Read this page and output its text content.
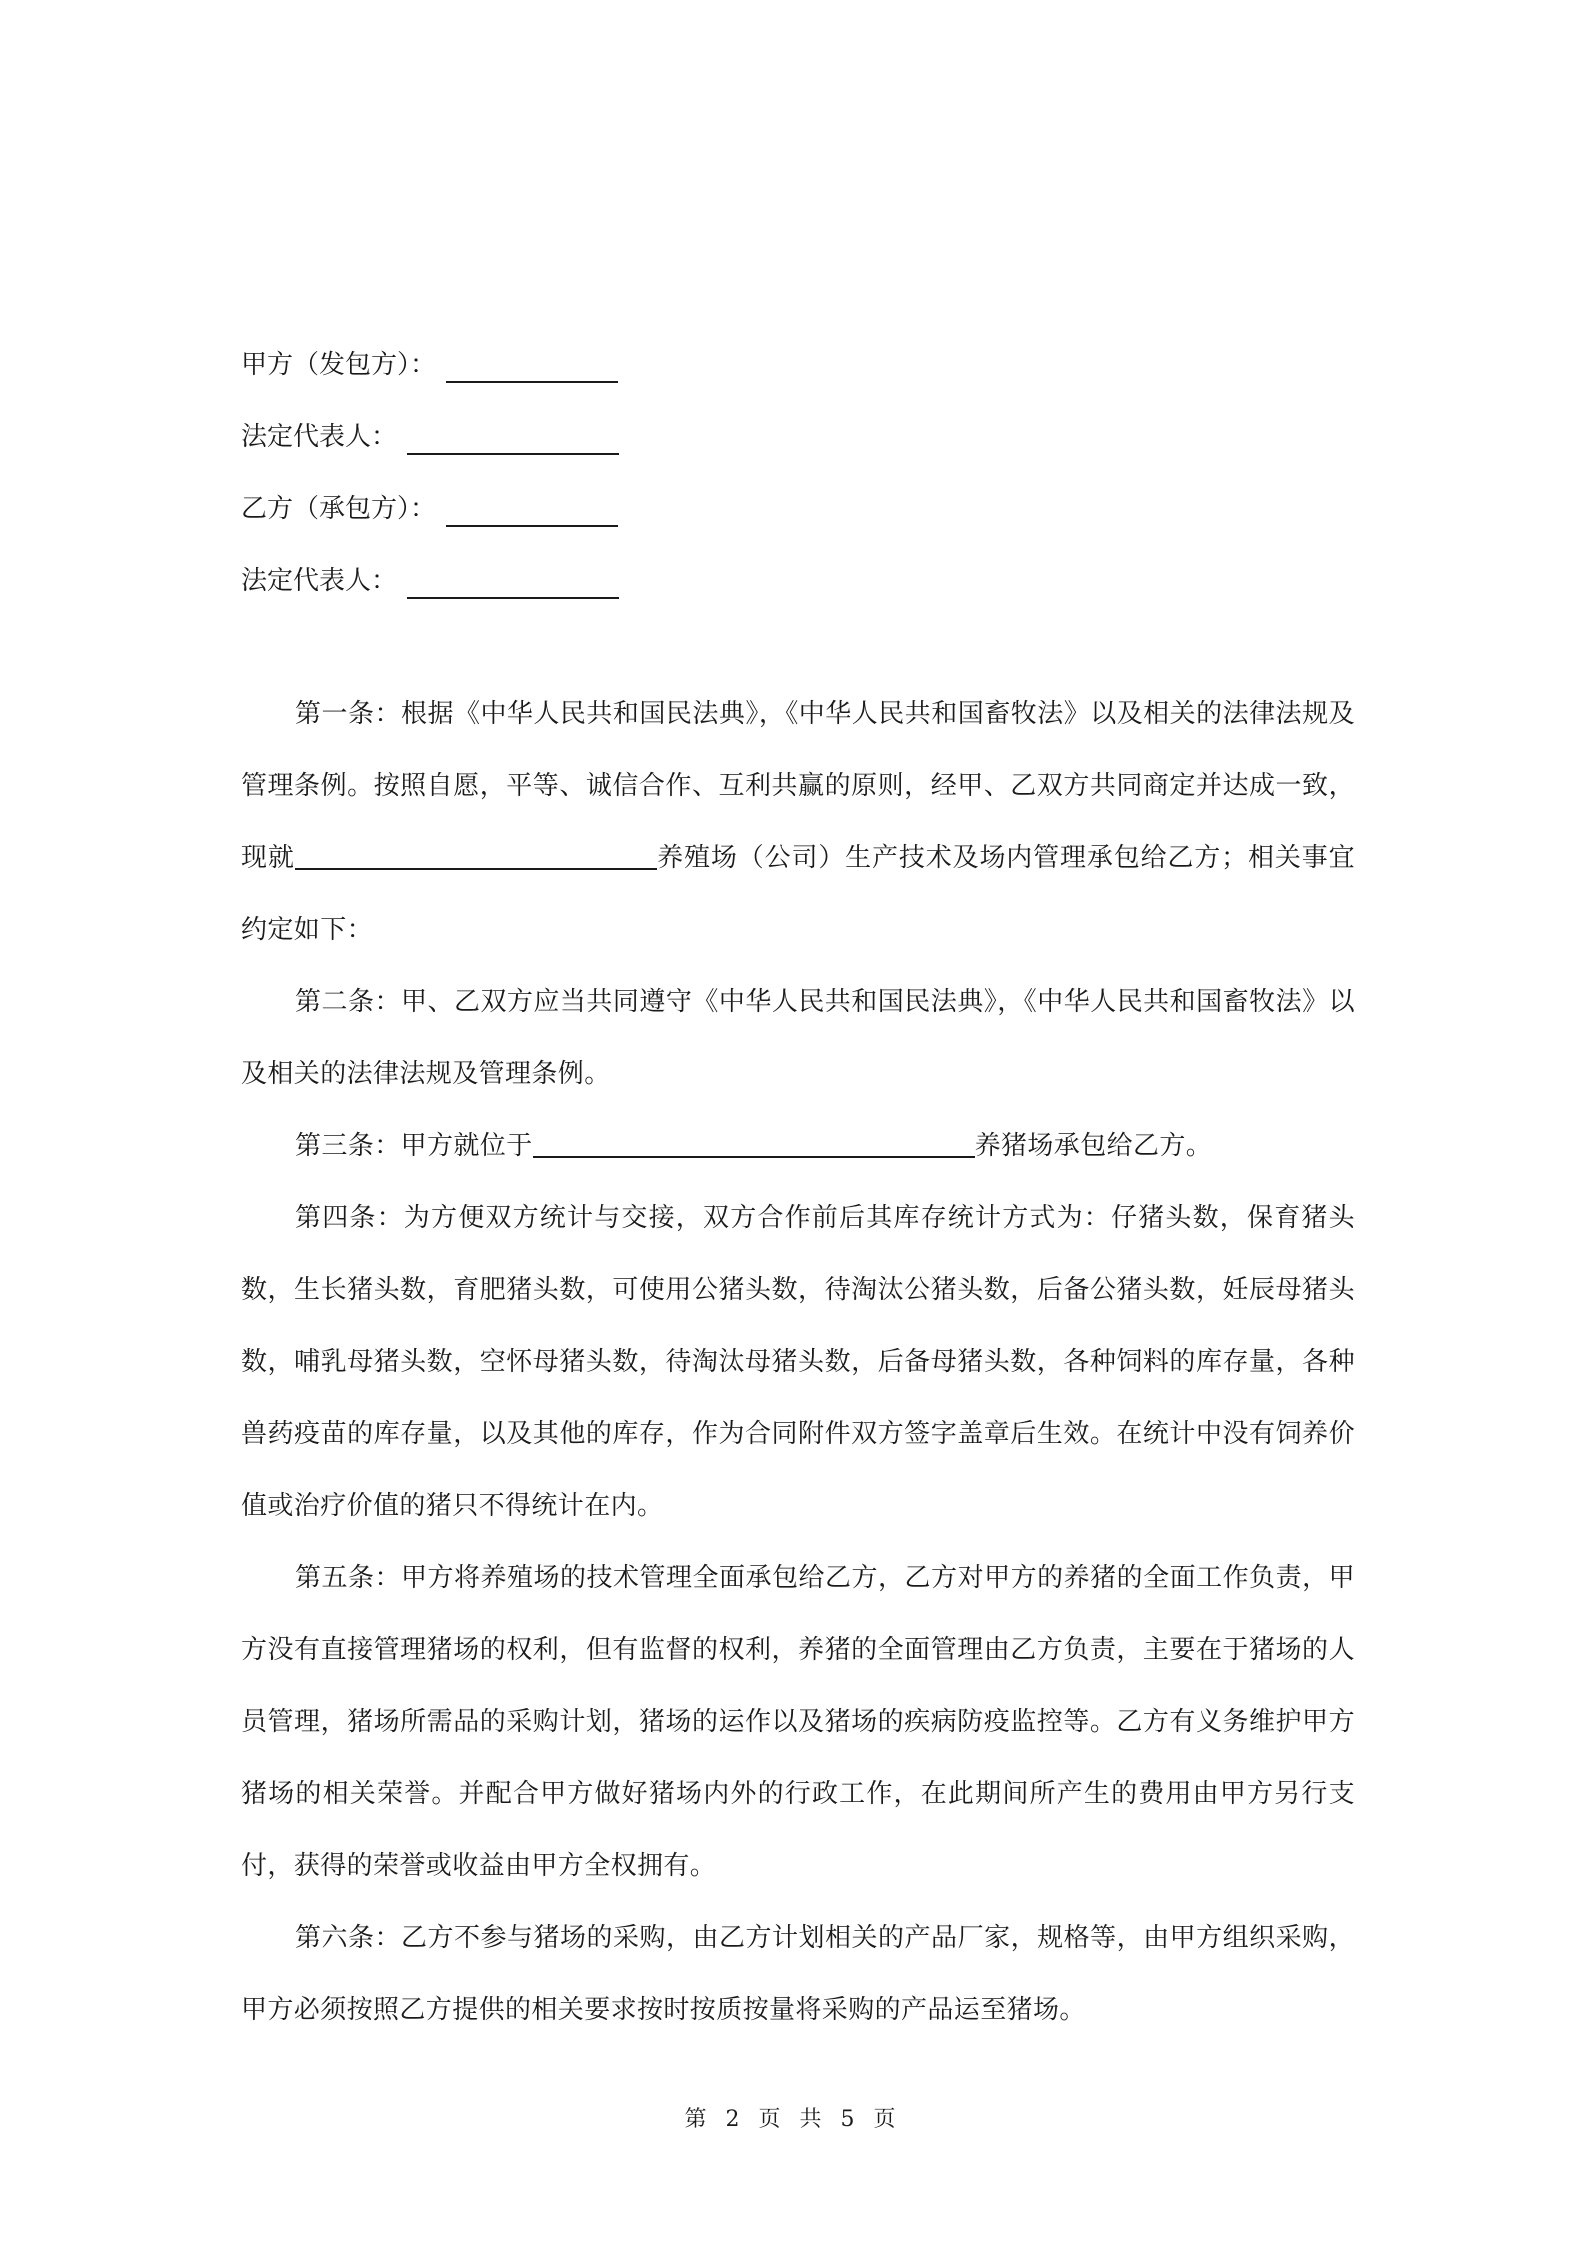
甲方（发包方）：
法定代表人：
乙方（承包方）：
法定代表人：

第一条：根据《中华人民共和国民法典》，《中华人民共和国畜牧法》以及相关的法律法规及管理条例。按照自愿，平等、诚信合作、互利共赢的原则，经甲、乙双方共同商定并达成一致，现就	养殖场（公司）生产技术及场内管理承包给乙方；相关事宜约定如下：

第二条：甲、乙双方应当共同遵守《中华人民共和国民法典》，《中华人民共和国畜牧法》以及相关的法律法规及管理条例。

第三条：甲方就位于	养猪场承包给乙方。

第四条：为方便双方统计与交接，双方合作前后其库存统计方式为：仔猪头数，保育猪头数，生长猪头数，育肥猪头数，可使用公猪头数，待淘汰公猪头数，后备公猪头数，妊辰母猪头数，哺乳母猪头数，空怀母猪头数，待淘汰母猪头数，后备母猪头数，各种饲料的库存量，各种兽药疫苗的库存量，以及其他的库存，作为合同附件双方签字盖章后生效。在统计中没有饲养价值或治疗价值的猪只不得统计在内。

第五条：甲方将养殖场的技术管理全面承包给乙方，乙方对甲方的养猪的全面工作负责，甲方没有直接管理猪场的权利，但有监督的权利，养猪的全面管理由乙方负责，主要在于猪场的人员管理，猪场所需品的采购计划，猪场的运作以及猪场的疾病防疫监控等。乙方有义务维护甲方猪场的相关荣誉。并配合甲方做好猪场内外的行政工作，在此期间所产生的费用由甲方另行支付，获得的荣誉或收益由甲方全权拥有。

第六条：乙方不参与猪场的采购，由乙方计划相关的产品厂家，规格等，由甲方组织采购，甲方必须按照乙方提供的相关要求按时按质按量将采购的产品运至猪场。

第 2 页 共 5 页
